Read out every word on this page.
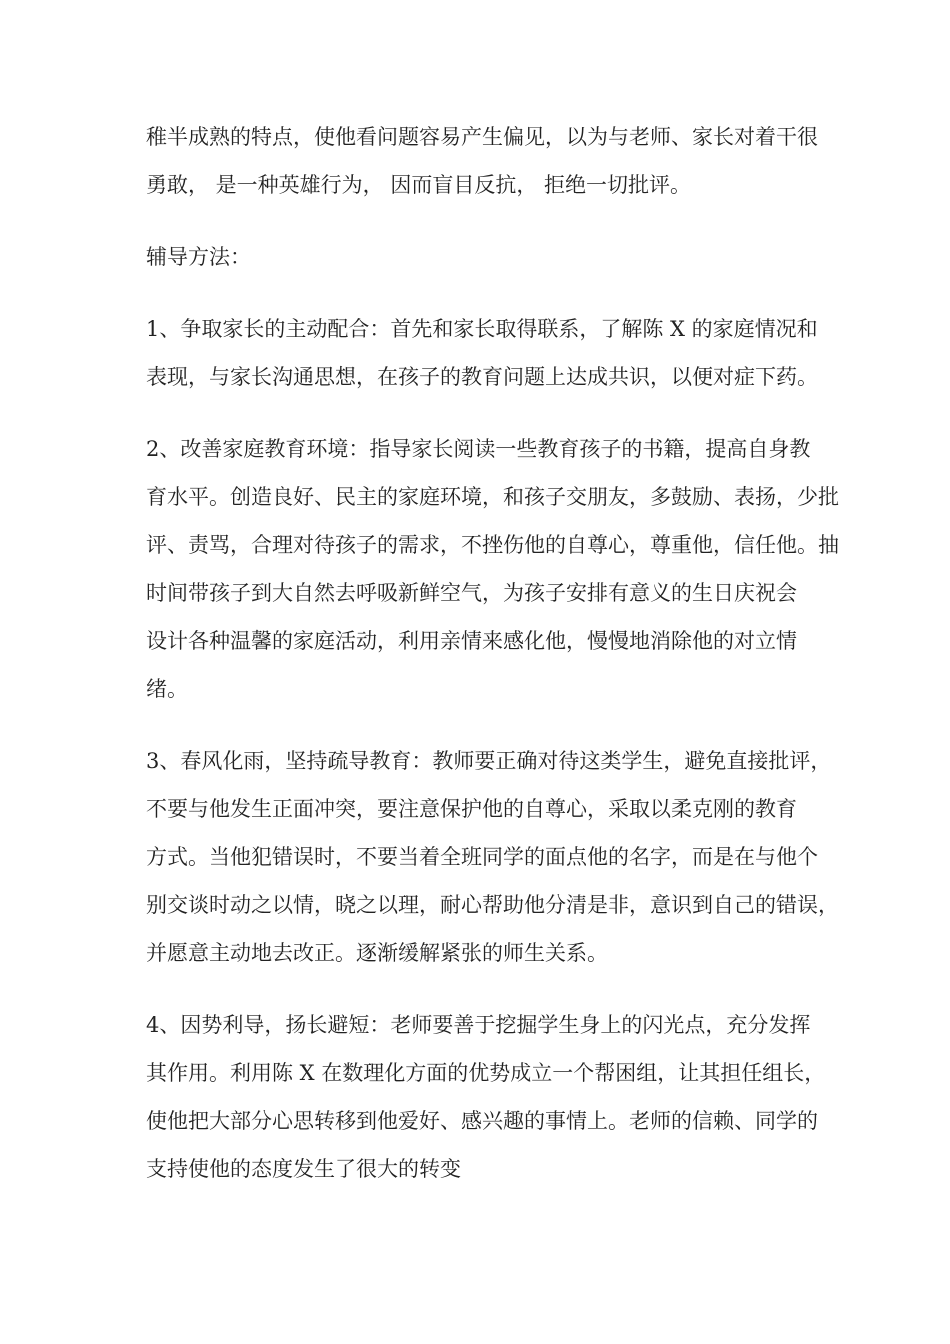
稚半成熟的特点，使他看问题容易产生偏见，以为与老师、家长对着干很
勇敢， 是一种英雄行为， 因而盲目反抗， 拒绝一切批评。

辅导方法：

1、争取家长的主动配合：首先和家长取得联系，了解陈 X 的家庭情况和
表现，与家长沟通思想，在孩子的教育问题上达成共识，以便对症下药。

2、改善家庭教育环境：指导家长阅读一些教育孩子的书籍，提高自身教
育水平。创造良好、民主的家庭环境，和孩子交朋友，多鼓励、表扬，少批
评、责骂，合理对待孩子的需求，不挫伤他的自尊心，尊重他，信任他。抽
时间带孩子到大自然去呼吸新鲜空气，为孩子安排有意义的生日庆祝会
设计各种温馨的家庭活动，利用亲情来感化他，慢慢地消除他的对立情
绪。

3、春风化雨，坚持疏导教育：教师要正确对待这类学生，避免直接批评，
不要与他发生正面冲突，要注意保护他的自尊心，采取以柔克刚的教育
方式。当他犯错误时，不要当着全班同学的面点他的名字，而是在与他个
别交谈时动之以情，晓之以理，耐心帮助他分清是非，意识到自己的错误，
并愿意主动地去改正。逐渐缓解紧张的师生关系。

4、因势利导，扬长避短：老师要善于挖掘学生身上的闪光点，充分发挥
其作用。利用陈 X 在数理化方面的优势成立一个帮困组，让其担任组长，
使他把大部分心思转移到他爱好、感兴趣的事情上。老师的信赖、同学的
支持使他的态度发生了很大的转变
